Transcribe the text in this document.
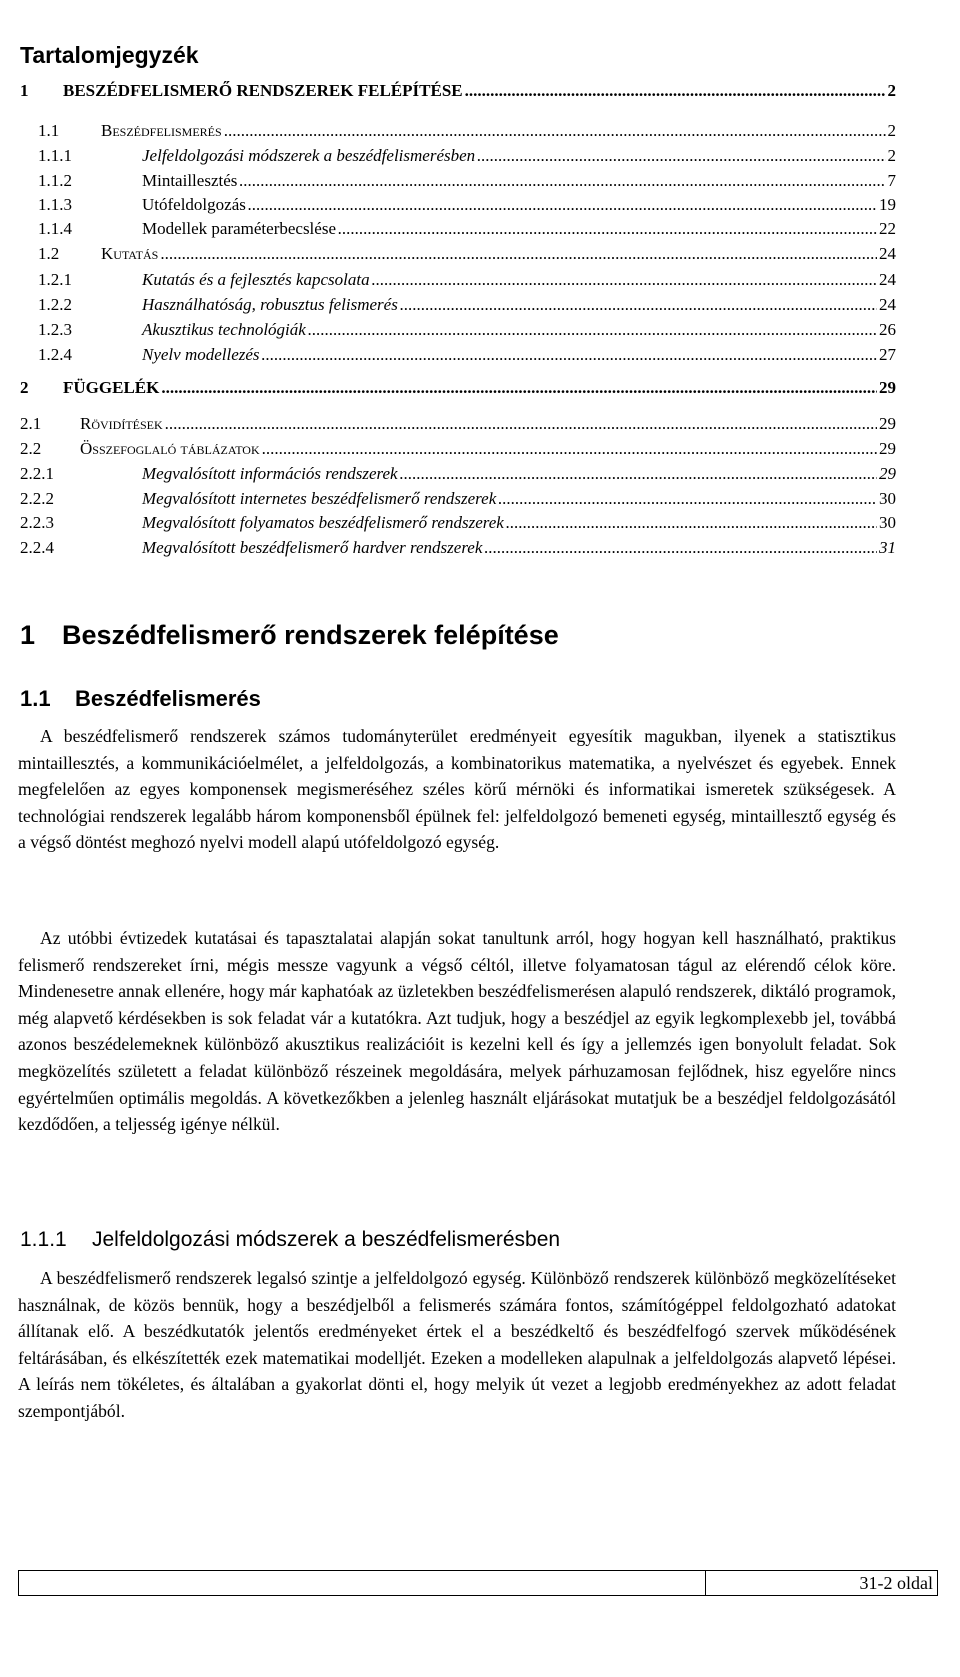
Tartalomjegyzék
1	BESZÉDFELISMERŐ RENDSZEREK FELÉPÍTÉSE .....	2
1.1	Beszédfelismerés .....	2
1.1.1	Jelfeldolgozási módszerek a beszédfelismerésben .....	2
1.1.2	Mintaillesztés .....	7
1.1.3	Utófeldolgozás .....	19
1.1.4	Modellek paraméterbecslése .....	22
1.2	Kutatás .....	24
1.2.1	Kutatás és a fejlesztés kapcsolata .....	24
1.2.2	Használhatóság, robusztus felismerés .....	24
1.2.3	Akusztikus technológiák .....	26
1.2.4	Nyelv modellezés .....	27
2	FÜGGELÉK .....	29
2.1	Rövidítések .....	29
2.2	Összefoglaló táblázatok .....	29
2.2.1	Megvalósított információs rendszerek .....	29
2.2.2	Megvalósított internetes beszédfelismerő rendszerek .....	30
2.2.3	Megvalósított folyamatos beszédfelismerő rendszerek .....	30
2.2.4	Megvalósított beszédfelismerő hardver rendszerek .....	31
1 Beszédfelismerő rendszerek felépítése
1.1 Beszédfelismerés

A beszédfelismerő rendszerek számos tudományterület eredményeit egyesítik magukban, ilyenek a statisztikus mintaillesztés, a kommunikációelmélet, a jelfeldolgozás, a kombinatorikus matematika, a nyelvészet és egyebek. Ennek megfelelően az egyes komponensek megismeréséhez széles körű mérnöki és informatikai ismeretek szükségesek. A technológiai rendszerek legalább három komponensből épülnek fel: jelfeldolgozó bemeneti egység, mintaillesztő egység és a végső döntést meghozó nyelvi modell alapú utófeldolgozó egység.

Az utóbbi évtizedek kutatásai és tapasztalatai alapján sokat tanultunk arról, hogy hogyan kell használható, praktikus felismerő rendszereket írni, mégis messze vagyunk a végső céltól, illetve folyamatosan tágul az elérendő célok köre. Mindenesetre annak ellenére, hogy már kaphatóak az üzletekben beszédfelismerésen alapuló rendszerek, diktáló programok, még alapvető kérdésekben is sok feladat vár a kutatókra. Azt tudjuk, hogy a beszédjel az egyik legkomplexebb jel, továbbá azonos beszédelemeknek különböző akusztikus realizációit is kezelni kell és így a jellemzés igen bonyolult feladat. Sok megközelítés született a feladat különböző részeinek megoldására, melyek párhuzamosan fejlődnek, hisz egyelőre nincs egyértelműen optimális megoldás. A következőkben a jelenleg használt eljárásokat mutatjuk be a beszédjel feldolgozásától kezdődően, a teljesség igénye nélkül.

1.1.1 Jelfeldolgozási módszerek a beszédfelismerésben

A beszédfelismerő rendszerek legalsó szintje a jelfeldolgozó egység. Különböző rendszerek különböző megközelítéseket használnak, de közös bennük, hogy a beszédjelből a felismerés számára fontos, számítógéppel feldolgozható adatokat állítanak elő. A beszédkutatók jelentős eredményeket értek el a beszédkeltő és beszédfelfogó szervek működésének feltárásában, és elkészítették ezek matematikai modelljét. Ezeken a modelleken alapulnak a jelfeldolgozás alapvető lépései. A leírás nem tökéletes, és általában a gyakorlat dönti el, hogy melyik út vezet a legjobb eredményekhez az adott feladat szempontjából.

31-2 oldal
